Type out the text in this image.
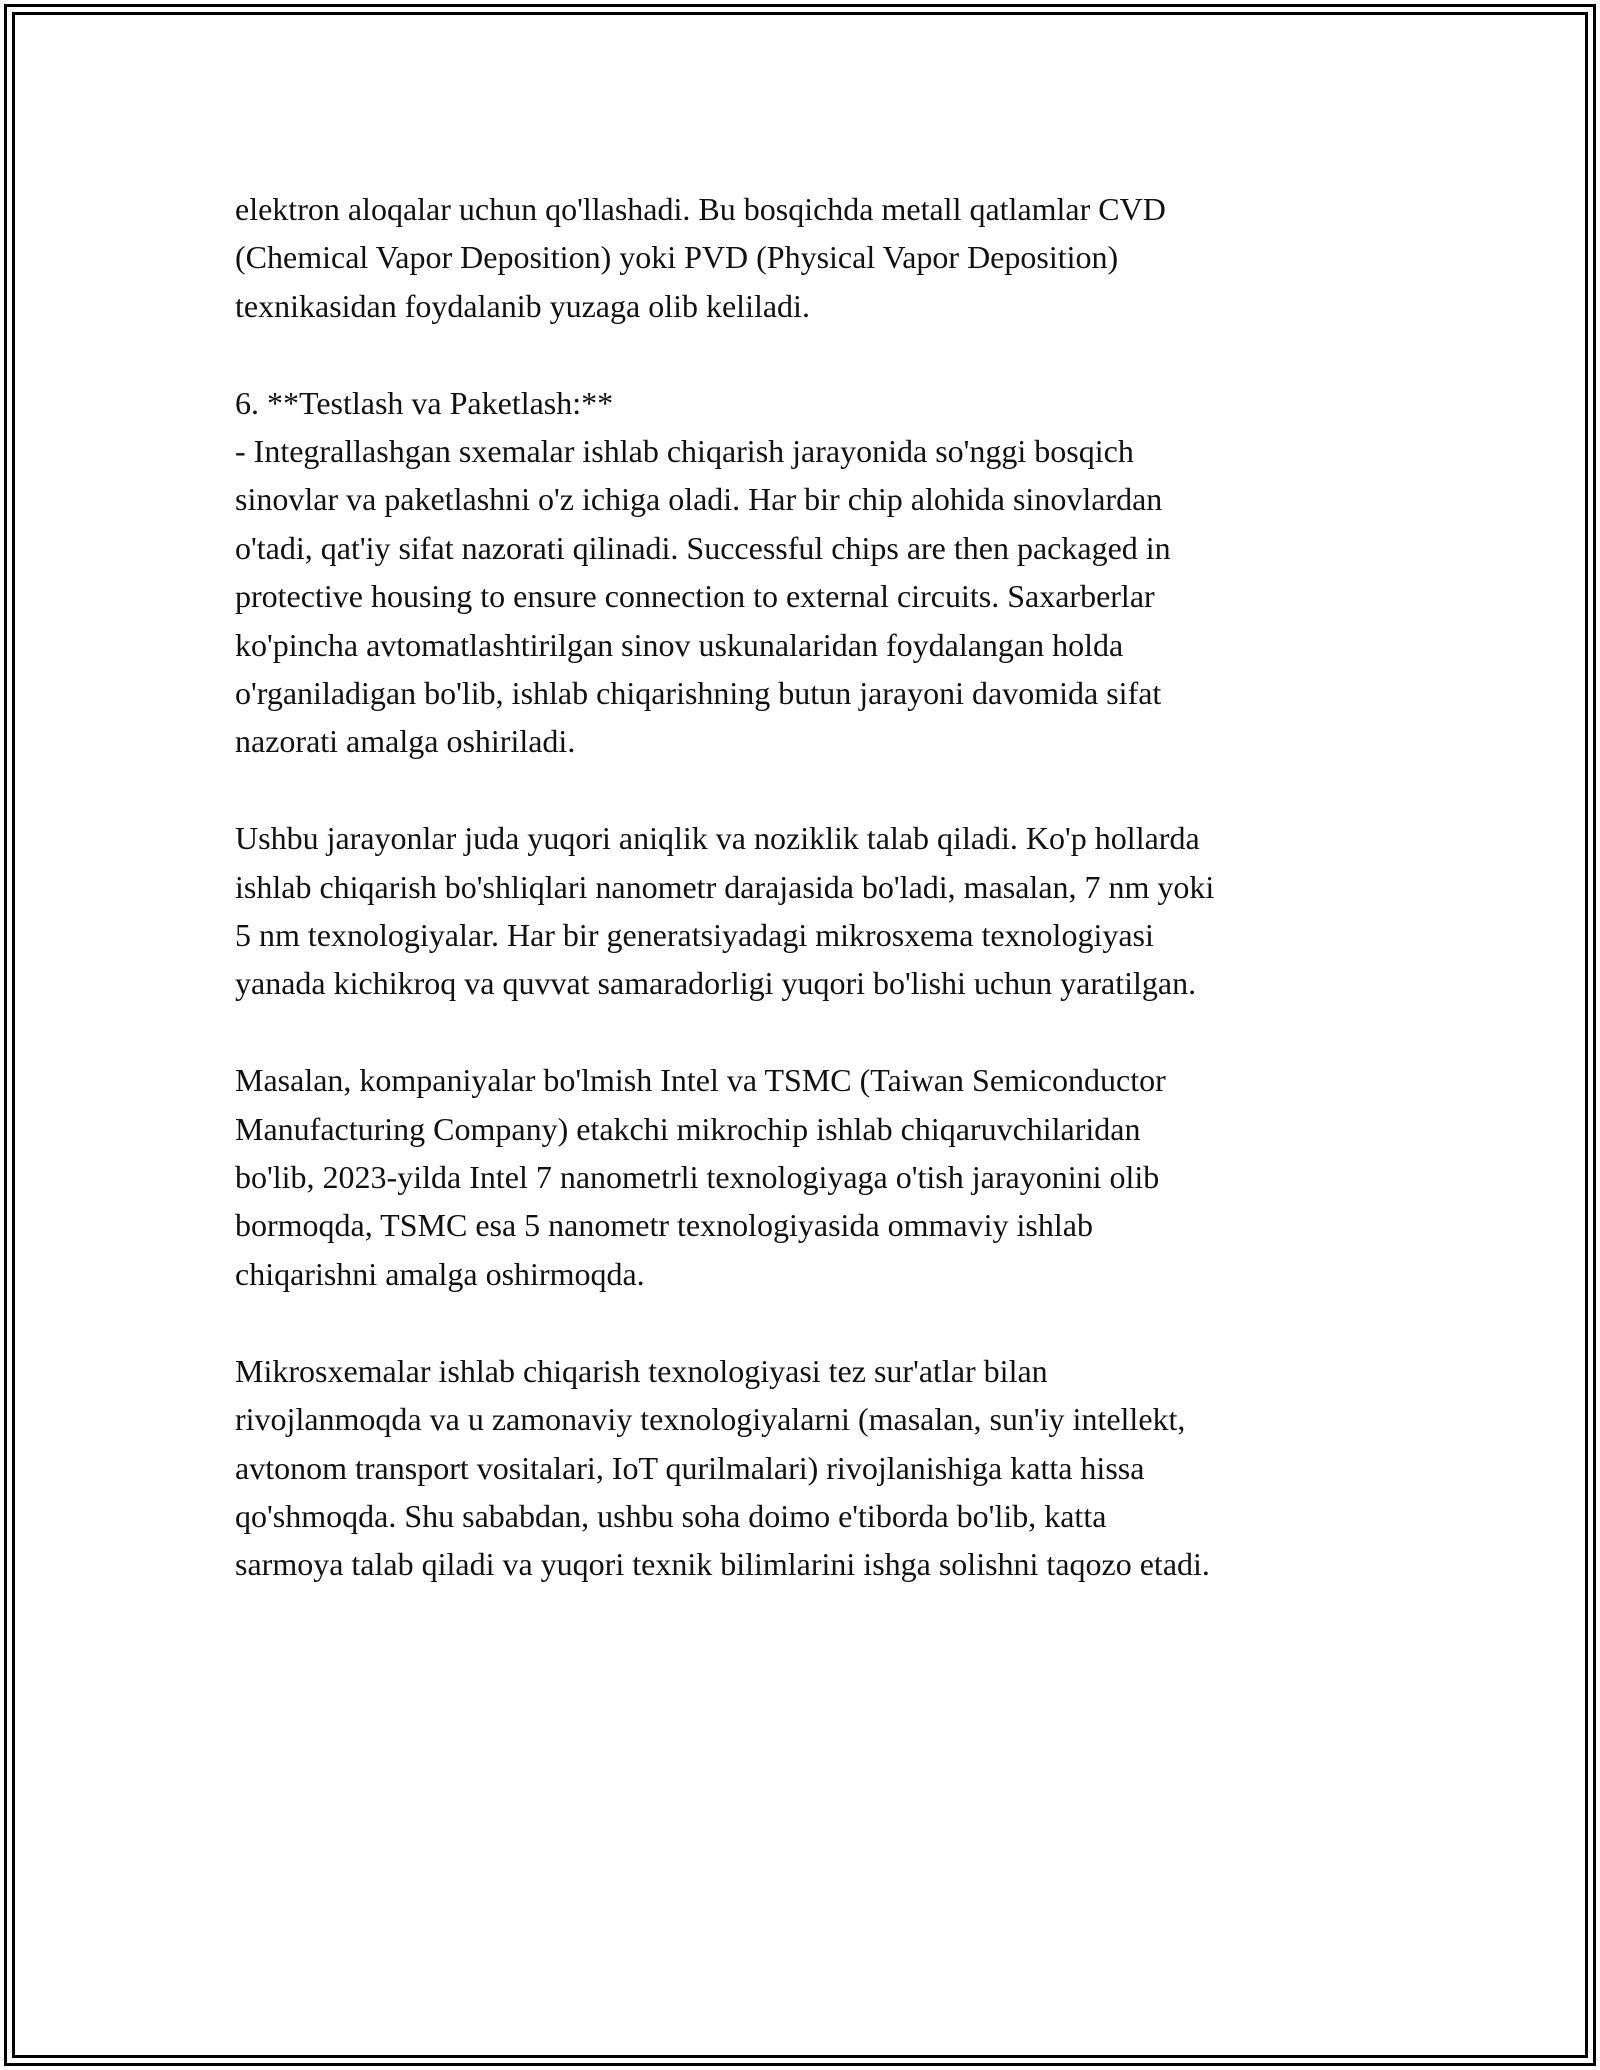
elektron aloqalar uchun qo'llashadi. Bu bosqichda metall qatlamlar CVD
(Chemical Vapor Deposition) yoki PVD (Physical Vapor Deposition)
texnikasidan foydalanib yuzaga olib keliladi.

6. **Testlash va Paketlash:**
- Integrallashgan sxemalar ishlab chiqarish jarayonida so'nggi bosqich
sinovlar va paketlashni o'z ichiga oladi. Har bir chip alohida sinovlardan
o'tadi, qat'iy sifat nazorati qilinadi. Successful chips are then packaged in
protective housing to ensure connection to external circuits. Saxarberlar
ko'pincha avtomatlashtirilgan sinov uskunalaridan foydalangan holda
o'rganiladigan bo'lib, ishlab chiqarishning butun jarayoni davomida sifat
nazorati amalga oshiriladi.

Ushbu jarayonlar juda yuqori aniqlik va noziklik talab qiladi. Ko'p hollarda
ishlab chiqarish bo'shliqlari nanometr darajasida bo'ladi, masalan, 7 nm yoki
5 nm texnologiyalar. Har bir generatsiyadagi mikrosxema texnologiyasi
yanada kichikroq va quvvat samaradorligi yuqori bo'lishi uchun yaratilgan.

Masalan, kompaniyalar bo'lmish Intel va TSMC (Taiwan Semiconductor
Manufacturing Company) etakchi mikrochip ishlab chiqaruvchilaridan
bo'lib, 2023-yilda Intel 7 nanometrli texnologiyaga o'tish jarayonini olib
bormoqda, TSMC esa 5 nanometr texnologiyasida ommaviy ishlab
chiqarishni amalga oshirmoqda.

Mikrosxemalar ishlab chiqarish texnologiyasi tez sur'atlar bilan
rivojlanmoqda va u zamonaviy texnologiyalarni (masalan, sun'iy intellekt,
avtonom transport vositalari, IoT qurilmalari) rivojlanishiga katta hissa
qo'shmoqda. Shu sababdan, ushbu soha doimo e'tiborda bo'lib, katta
sarmoya talab qiladi va yuqori texnik bilimlarini ishga solishni taqozo etadi.
